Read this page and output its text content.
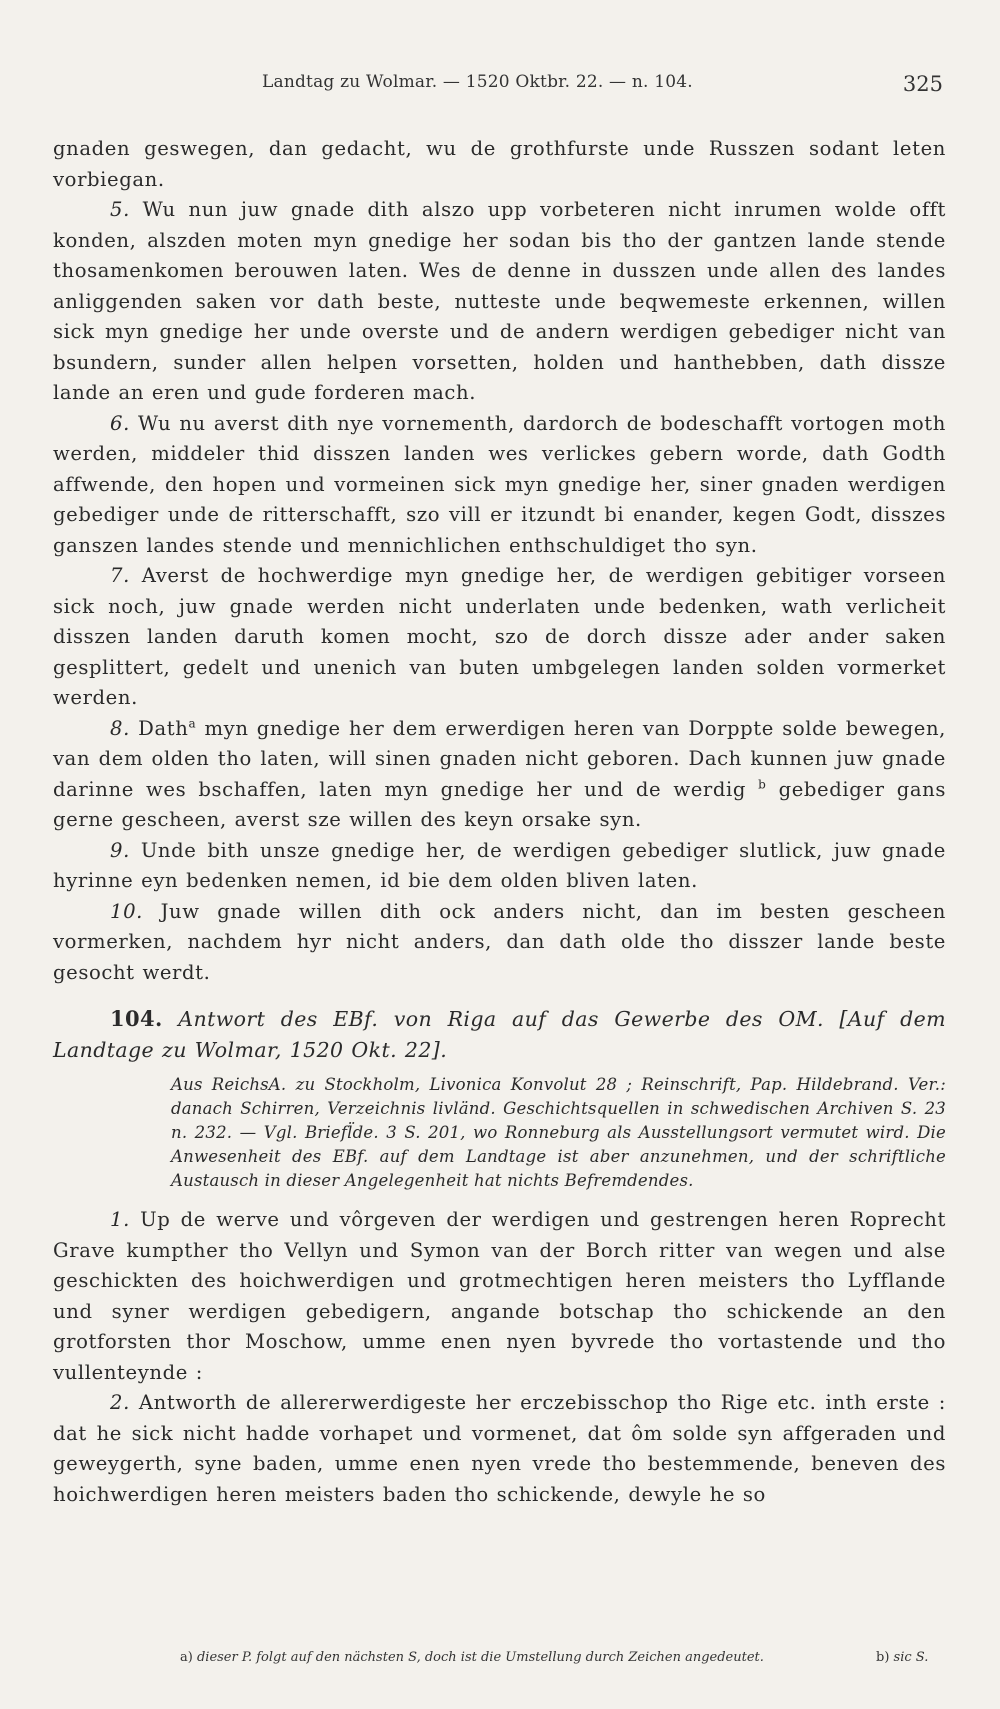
Landtag zu Wolmar. — 1520 Oktbr. 22. — n. 104.	325

gnaden geswegen, dan gedacht, wu de grothfurste unde Russzen sodant leten vorbiegan.

5. Wu nun juw gnade dith alszo upp vorbeteren nicht inrumen wolde offt konden, alszden moten myn gnedige her sodan bis tho der gantzen lande stende thosamenkomen berouwen laten. Wes de denne in dusszen unde allen des landes anliggenden saken vor dath beste, nutteste unde beqwemeste erkennen, willen sick myn gnedige her unde overste und de andern werdigen gebediger nicht van bsundern, sunder allen helpen vorsetten, holden und hanthebben, dath dissze lande an eren und gude forderen mach.

6. Wu nu averst dith nye vornementh, dardorch de bodeschafft vortogen moth werden, middeler thid disszen landen wes verlickes gebern worde, dath Godth affwende, den hopen und vormeinen sick myn gnedige her, siner gnaden werdigen gebediger unde de ritterschafft, szo vill er itzundt bi enander, kegen Godt, disszes ganszen landes stende und mennichlichen enthschuldiget tho syn.

7. Averst de hochwerdige myn gnedige her, de werdigen gebitiger vorseen sick noch, juw gnade werden nicht underlaten unde bedenken, wath verlicheit disszen landen daruth komen mocht, szo de dorch dissze ader ander saken gesplittert, gedelt und unenich van buten umbgelegen landen solden vormerket werden.

8. Dath$^a$ myn gnedige her dem erwerdigen heren van Dorppte solde bewegen, van dem olden tho laten, will sinen gnaden nicht geboren. Dach kunnen juw gnade darinne wes bschaffen, laten myn gnedige her und de werdig $^b$ gebediger gans gerne gescheen, averst sze willen des keyn orsake syn.

9. Unde bith unsze gnedige her, de werdigen gebediger slutlick, juw gnade hyrinne eyn bedenken nemen, id bie dem olden bliven laten.

10. Juw gnade willen dith ock anders nicht, dan im besten gescheen vormerken, nachdem hyr nicht anders, dan dath olde tho disszer lande beste gesocht werdt.

104. Antwort des EBf. von Riga auf das Gewerbe des OM. [Auf dem Landtage zu Wolmar, 1520 Okt. 22].

Aus ReichsA. zu Stockholm, Livonica Konvolut 28 ; Reinschrift, Pap. Hildebrand. Ver.: danach Schirren, Verzeichnis livländ. Geschichtsquellen in schwedischen Archiven S. 23 n. 232. — Vgl. Briefl̈de. 3 S. 201, wo Ronneburg als Ausstellungsort vermutet wird. Die Anwesenheit des EBf. auf dem Landtage ist aber anzunehmen, und der schriftliche Austausch in dieser Angelegenheit hat nichts Befremdendes.

1. Up de werve und vôrgeven der werdigen und gestrengen heren Roprecht Grave kumpther tho Vellyn und Symon van der Borch ritter van wegen und alse geschickten des hoichwerdigen und grotmechtigen heren meisters tho Lyfflande und syner werdigen gebedigern, angande botschap tho schickende an den grotforsten thor Moschow, umme enen nyen byvrede tho vortastende und tho vullenteynde :

2. Antworth de allererwerdigeste her erczebisschop tho Rige etc. inth erste : dat he sick nicht hadde vorhapet und vormenet, dat ôm solde syn affgeraden und geweygerth, syne baden, umme enen nyen vrede tho bestemmende, beneven des hoichwerdigen heren meisters baden tho schickende, dewyle he so

a) dieser P. folgt auf den nächsten S, doch ist die Umstellung durch Zeichen angedeutet.	b) sic S.
